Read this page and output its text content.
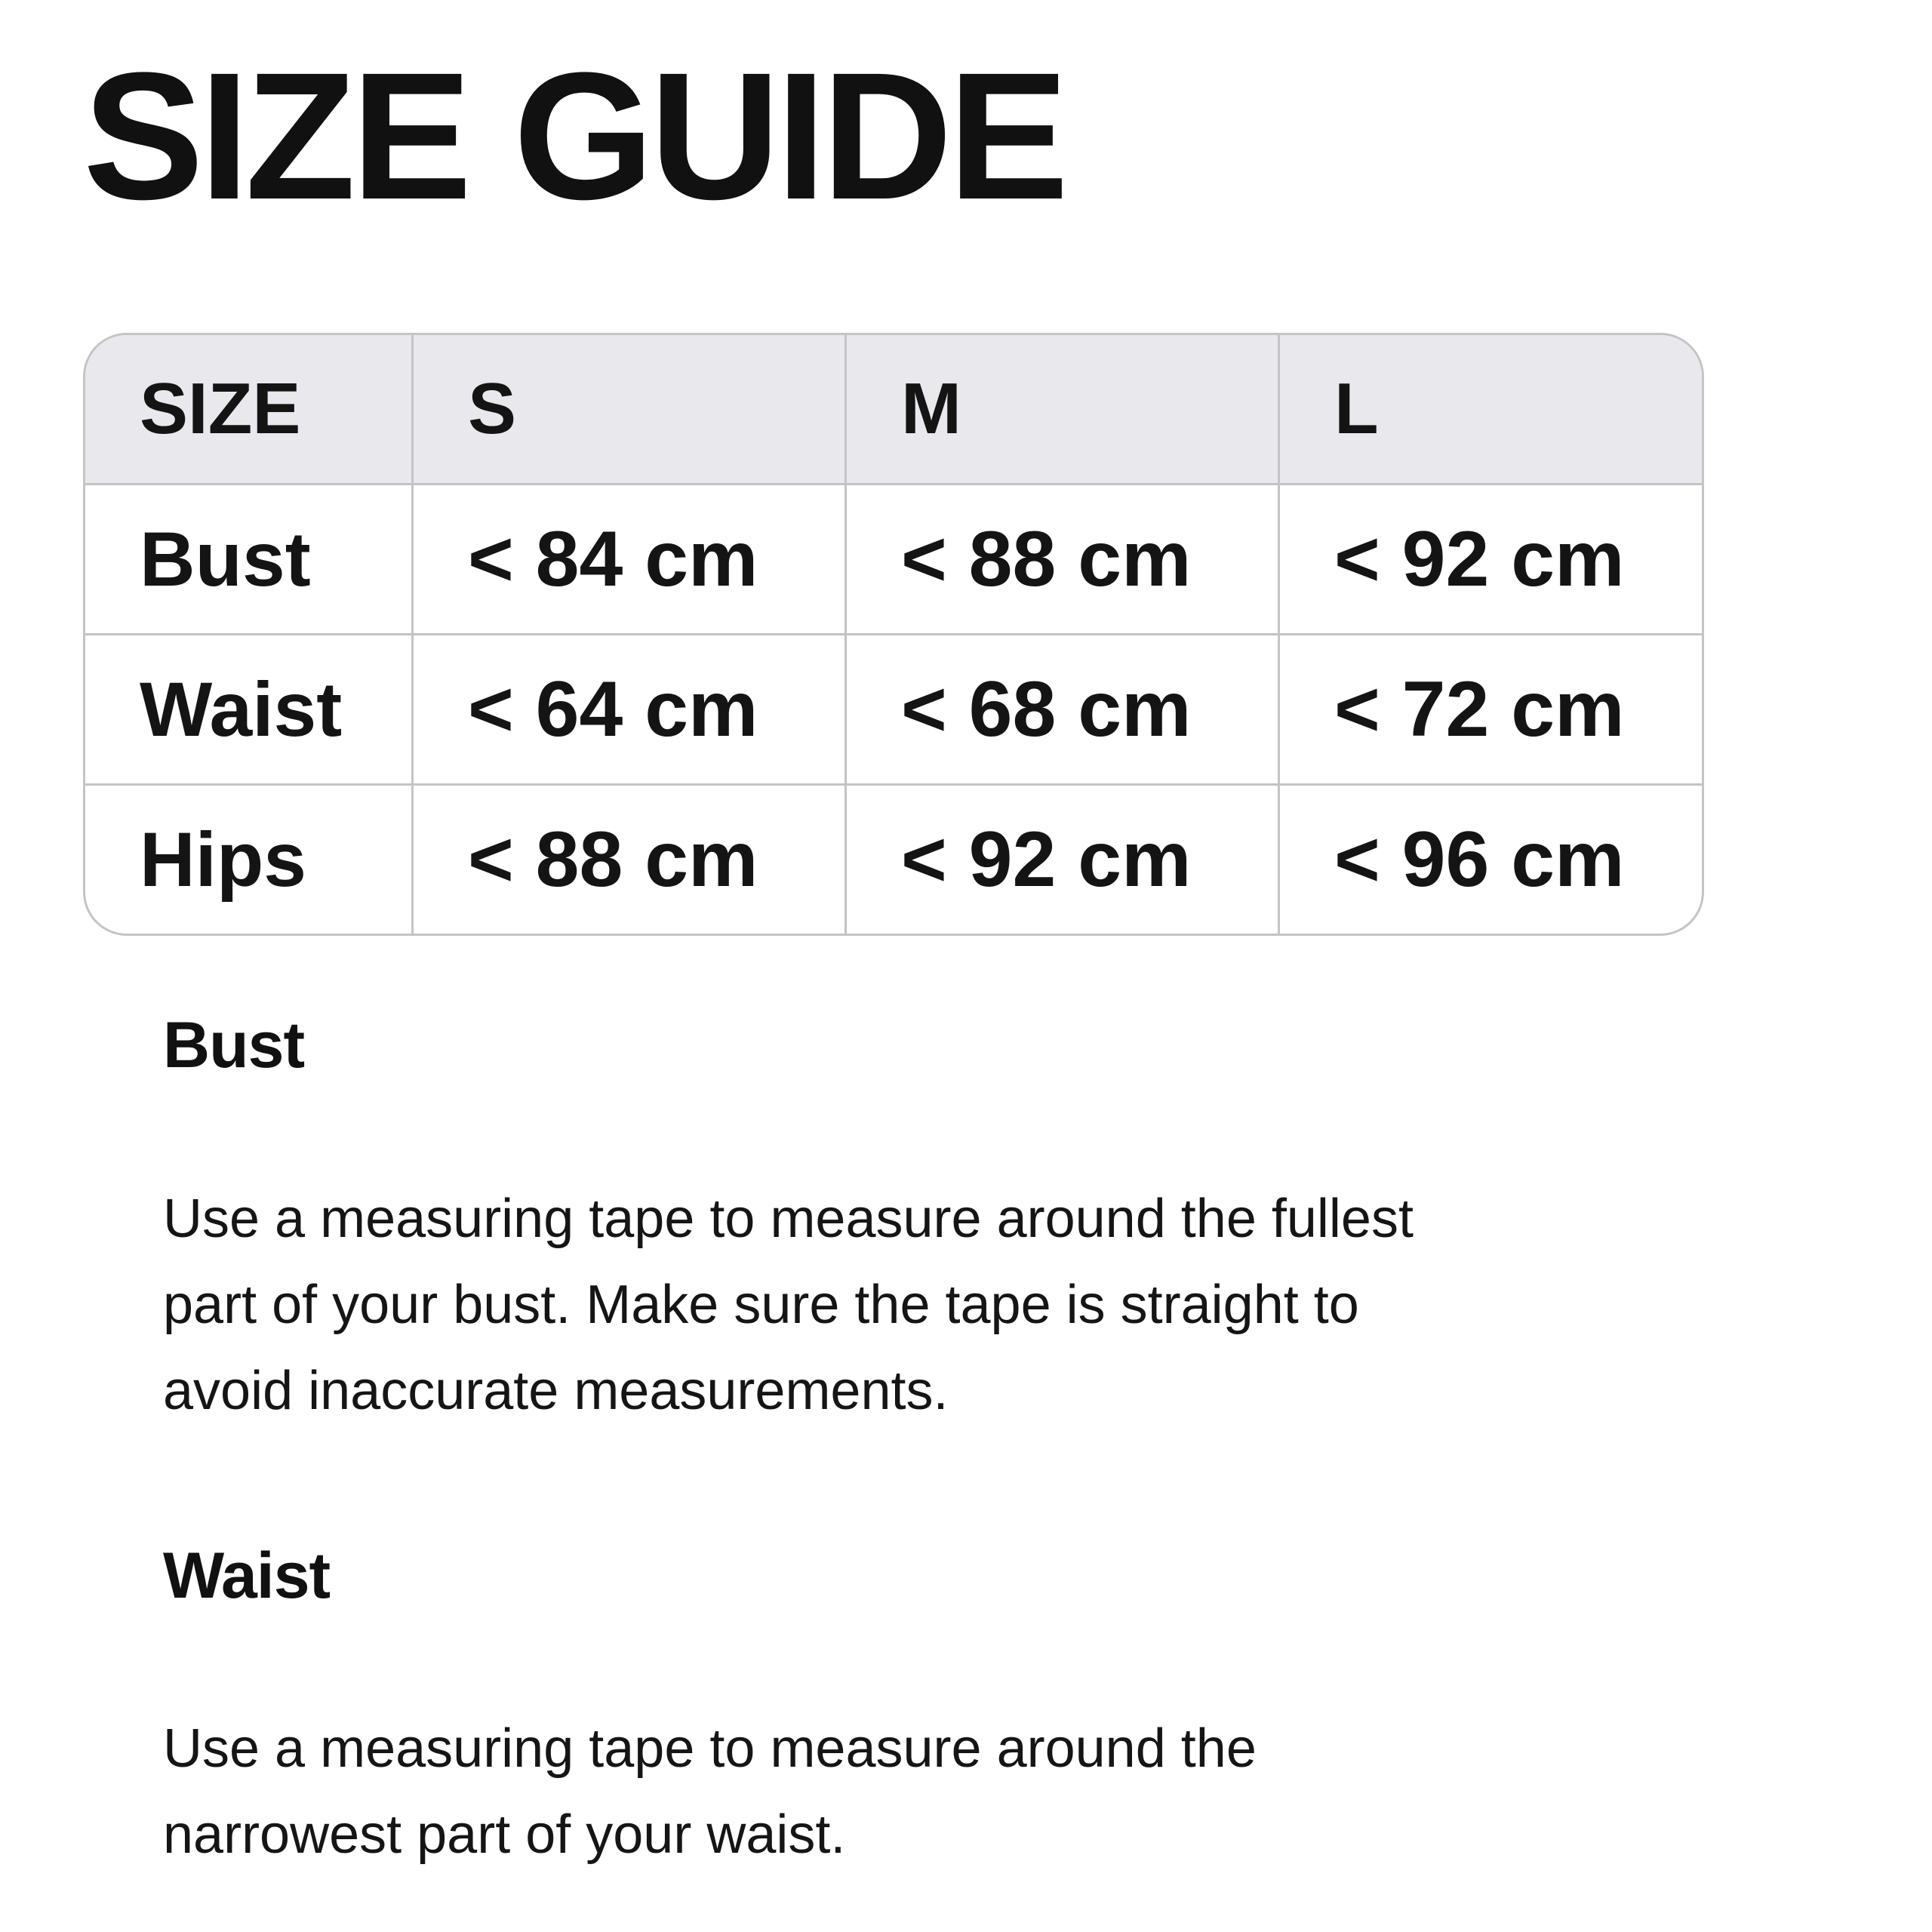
SIZE GUIDE
SIZE	S	M	L
Bust	< 84 cm	< 88 cm	< 92 cm
Waist	< 64 cm	< 68 cm	< 72 cm
Hips	< 88 cm	< 92 cm	< 96 cm
Bust

Use a measuring tape to measure around the fullest part of your bust. Make sure the tape is straight to avoid inaccurate measurements.

Waist

Use a measuring tape to measure around the narrowest part of your waist.
